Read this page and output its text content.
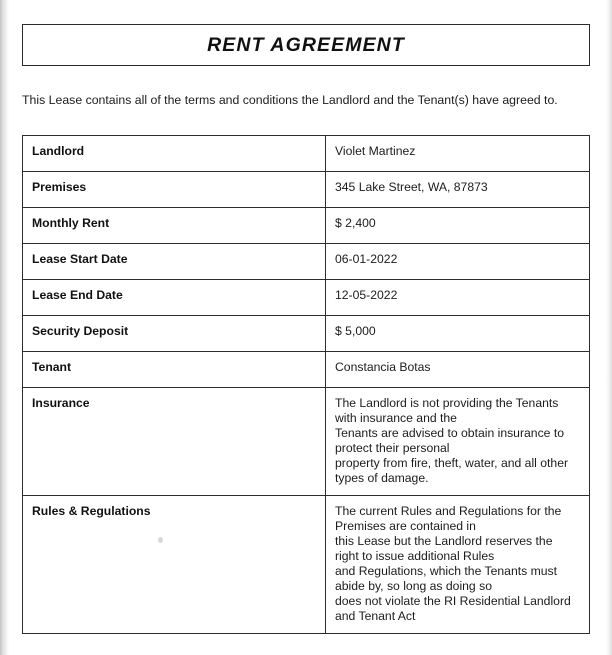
RENT AGREEMENT
This Lease contains all of the terms and conditions the Landlord and the Tenant(s) have agreed to.
Landlord	Violet Martinez
Premises	345 Lake Street, WA, 87873
Monthly Rent	$ 2,400
Lease Start Date	06-01-2022
Lease End Date	12-05-2022
Security Deposit	$ 5,000
Tenant	Constancia Botas
Insurance	The Landlord is not providing the Tenants
with insurance and the
Tenants are advised to obtain insurance to
protect their personal
property from fire, theft, water, and all other
types of damage.

Rules & Regulations	The current Rules and Regulations for the
Premises are contained in
this Lease but the Landlord reserves the
right to issue additional Rules
and Regulations, which the Tenants must
abide by, so long as doing so
does not violate the RI Residential Landlord
and Tenant Act
